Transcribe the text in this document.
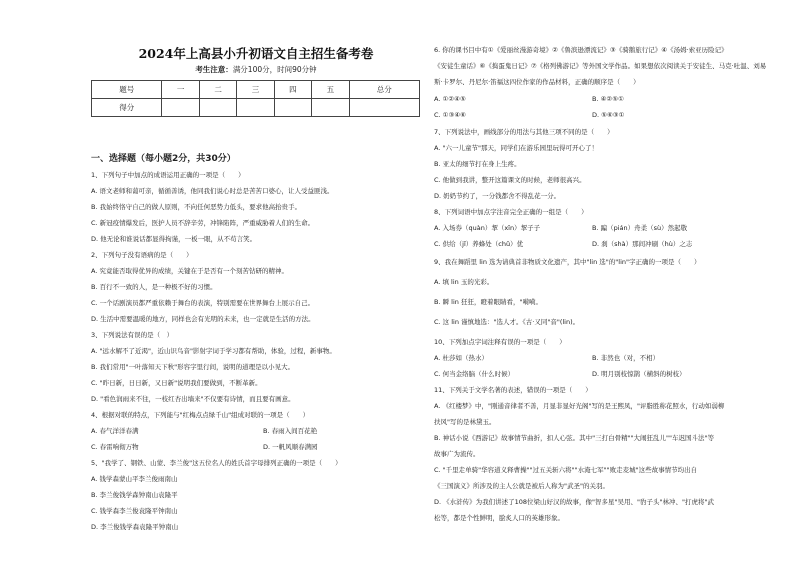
2024年上高县小升初语文自主招生备考卷
考生注意：满分100分，时间90分钟
题号	一	二	三	四	五	总分
得分						
一、选择题（每小题2分，共30分）
1、下列句子中加点的成语运用正确的一项是（　　）
A. 语文老师和蔼可亲，循循善诱，他同我们说心时总是苦苦口婆心，让人受益匪浅。
B. 我始终恪守自己的做人原则，不向任何恶势力低头，要求他高抬贵手。
C. 新冠疫情爆发后，医护人员不辞辛劳，冲锋陷阵，严重威胁着人们的生命。
D. 他无论和谁说话都显得拘谨，一板一眼，从不苟言笑。
2、下列句子没有语病的是（　　）
A. 究竟能否取得优异的成绩，关键在于是否有一个刻苦钻研的精神。
B. 百行不一致的人，是一种极不好的习惯。
C. 一个话剧演员都严重依赖于舞台的表演，特别需要在世界舞台上展示自己。
D. 生活中需要温暖的地方，同样也会有光明的未来，也一定就是生活的方法。
3、下列说法有误的是（　）
A. "远水解不了近渴"，近山识鸟音"影射字词于学习都有帮助，体验，过程，新事物。
B. 我们常用"一叶落知天下秋"形容字里行间，说明的道理是以小见大。
C. "昨日新，日日新，又日新"说明我们要做到，不断革新。
D. "看色润雨来不往，一枝红杏出墙来"不仅要有诗情，而且要有画意。
4、根据对联的特点，下列能与"红梅点点绿千山"组成对联的一项是（　　）
A. 春气洋洋春满	B. 春雨入间百花艳
C. 春雷响彻万物	D. 一帆风顺春满园
5、"我学了、钢铁、山蒙、李兰俊"这五位名人的姓氏首字母排列正确的一项是（　　）
A. 钱学森蒙山平李兰俊雨南山
B. 李兰俊钱学森钟南山袁隆平
C. 钱学森李兰俊袁隆平钟南山
D. 李兰俊钱学森袁隆平钟南山
6. 你的课书目中有①《爱丽丝漫游奇境》②《鲁滨逊漂流记》③《骑鹅旅行记》④《汤姆·索亚历险记》
《安徒生童话》⑥《捣蛋鬼日记》⑦《格列佛游记》等外国文学作品。如果想依次阅读关于安徒生、马克·吐温、刘易
斯·卡罗尔、丹尼尔·笛福这四位作家的作品材料，正确的顺序是（　　）
A. ①②④⑤	B. ④②⑤①
C. ①③④⑥	D. ⑤⑥③①
7、下列说法中，画线部分的用法与其他三项不同的是（　　）
A. "六一儿童节"那天，同学们在游乐园里玩得可开心了！
B. 亚太的细节打在身上生疼。
C. 他做到我讲，整开这篇课文的时候，老师很高兴。
D. 奶奶节约了，一分钱都舍不得乱花一分。
8、下列词语中加点字注音完全正确的一组是（　　）
A. 入场券（quàn）挈（xīn）挈子子	B. 蹁（pián）舟柔（sù）然起敬
C. 供给（jǐ）养蜂处（chǔ）优	D. 刹（shà）那间冲刷（hù）之志
9、我在舞蹈里 lin 选为请典首非物质文化遗产，其中"lin 选"的"lin"字正确的一项是（　　）
A. 填 lin 玉的光彩。
B. 瞬 lin 狂狂，瞪着眼睛看，"嗬嗬。
C. 这 lin 谨慎地选："选人才。《古·又同"音"(lin)。
10、下列加点字词注释有误的一项是（　　）
A. 杜莎如（热水）	B. 非然也（对，不相）
C. 何当金络脑（什么时候）	D. 明月别枝惊鹊（横斜的树枝）
11、下列关于文学名著的表述，错误的一项是（　　）
A. 《红楼梦》中，"刚通音律者不善，月显非显好光阁"写的是王熙凤，"评脂胜称花照水，行动如弱柳
扶风"写的是林黛玉。
B. 神话小说《西游记》故事情节曲折，扣人心弦。其中"三打白骨精""大闹狂乱儿""车迟国斗法"等
故事广为流传。
C. "千里走单骑"华容道义释曹操""过五关斩六将""水淹七军""败走麦城"这些故事情节均出自
《三国演义》所涉及的主人公就是被后人称为"武圣"的关羽。
D. 《水浒传》为我们讲述了108位梁山好汉的故事，像"智多星"吴用、"豹子头"林冲、"打虎将"武
松等，都是个性鲜明，脍炙人口的英雄形象。
